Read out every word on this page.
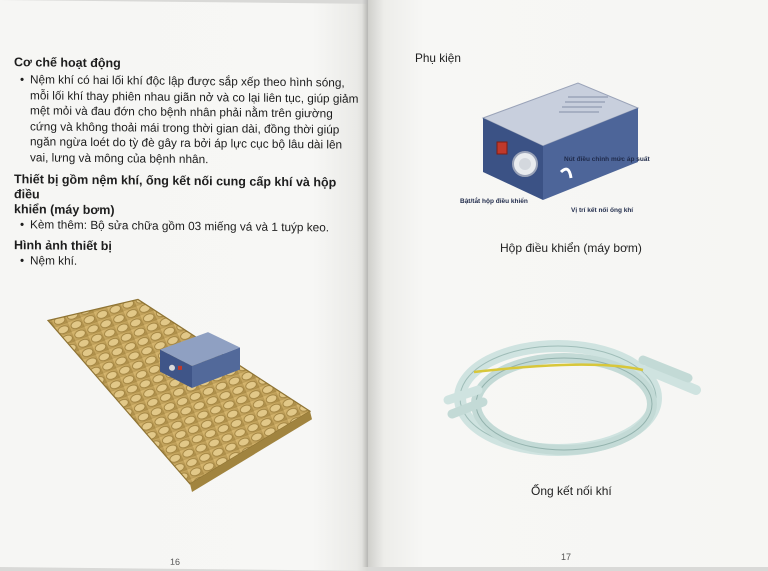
Cơ chế hoạt động

• Nệm khí có hai lối khí độc lập được sắp xếp theo hình sóng,

mỗi lối khí thay phiên nhau giãn nở và co lại liên tục, giúp giảm

mệt mỏi và đau đớn cho bệnh nhân phải nằm trên giường

cứng và không thoải mái trong thời gian dài, đồng thời giúp

ngăn ngừa loét do tỳ đè gây ra bởi áp lực cục bộ lâu dài lên

vai, lưng và mông của bệnh nhân.

Thiết bị gồm nệm khí, ống kết nối cung cấp khí và hộp điều

khiển (máy bơm)

• Kèm thêm: Bộ sửa chữa gồm 03 miếng vá và 1 tuýp keo.

Hình ảnh thiết bị

• Nệm khí.

16

Phụ kiện

Nút điều chỉnh mức áp suất
Bật/tắt hộp điều khiển
Vị trí kết nối ống khí

Hộp điều khiển (máy bơm)

Ống kết nối khí

17
